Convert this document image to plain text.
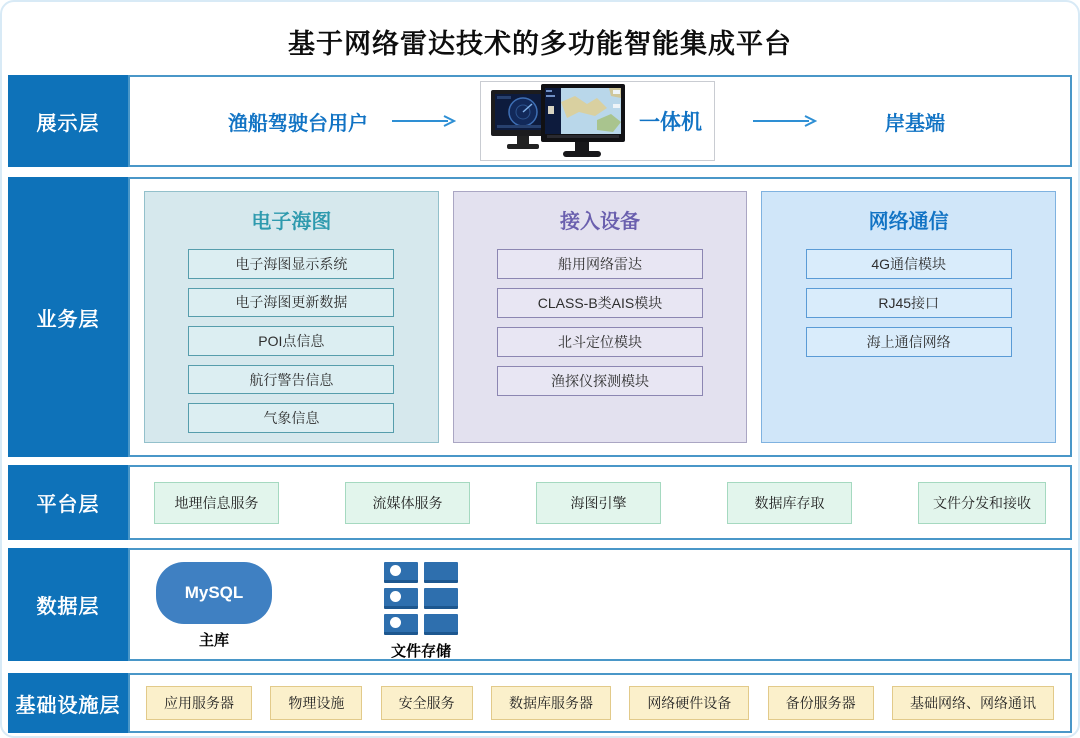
基于网络雷达技术的多功能智能集成平台
展示层	渔船驾驶台用户	一体机	岸基端
业务层
电子海图
电子海图显示系统
电子海图更新数据
POI点信息
航行警告信息
气象信息
接入设备
船用网络雷达
CLASS-B类AIS模块
北斗定位模块
渔探仪探测模块
网络通信
4G通信模块
RJ45接口
海上通信网络
平台层	地理信息服务	流媒体服务	海图引擎	数据库存取	文件分发和接收
数据层
MySQL
主库
文件存储
基础设施层	应用服务器	物理设施	安全服务	数据库服务器	网络硬件设备	备份服务器	基础网络、网络通讯
